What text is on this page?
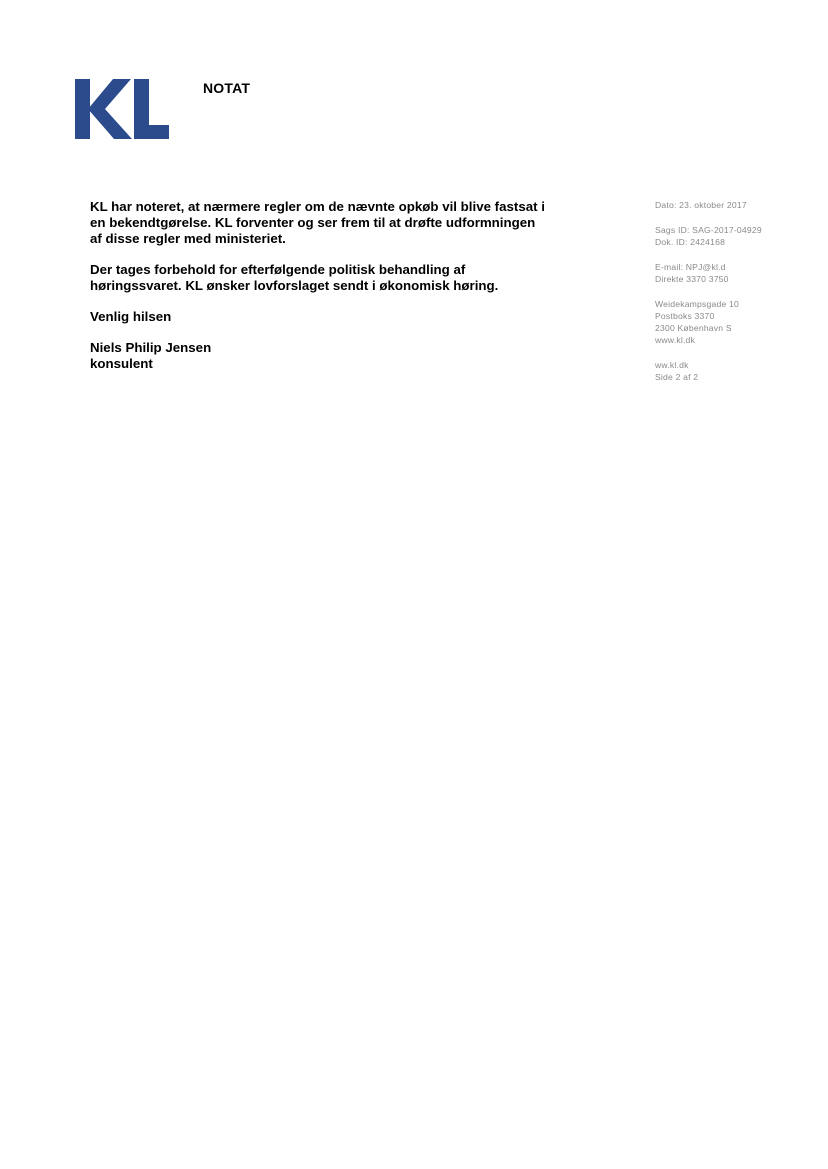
NOTAT

KL har noteret, at nærmere regler om de nævnte opkøb vil blive fastsat i en bekendtgørelse. KL forventer og ser frem til at drøfte udformningen af disse regler med ministeriet.

Der tages forbehold for efterfølgende politisk behandling af høringssvaret. KL ønsker lovforslaget sendt i økonomisk høring.

Venlig hilsen

Niels Philip Jensen
konsulent

Dato: 23. oktober 2017
Sags ID: SAG-2017-04929
Dok. ID: 2424168
E-mail: NPJ@kl.d
Direkte 3370 3750
Weidekampsgade 10
Postboks 3370
2300 København S
www.kl.dk
ww.kl.dk
Side 2 af 2
